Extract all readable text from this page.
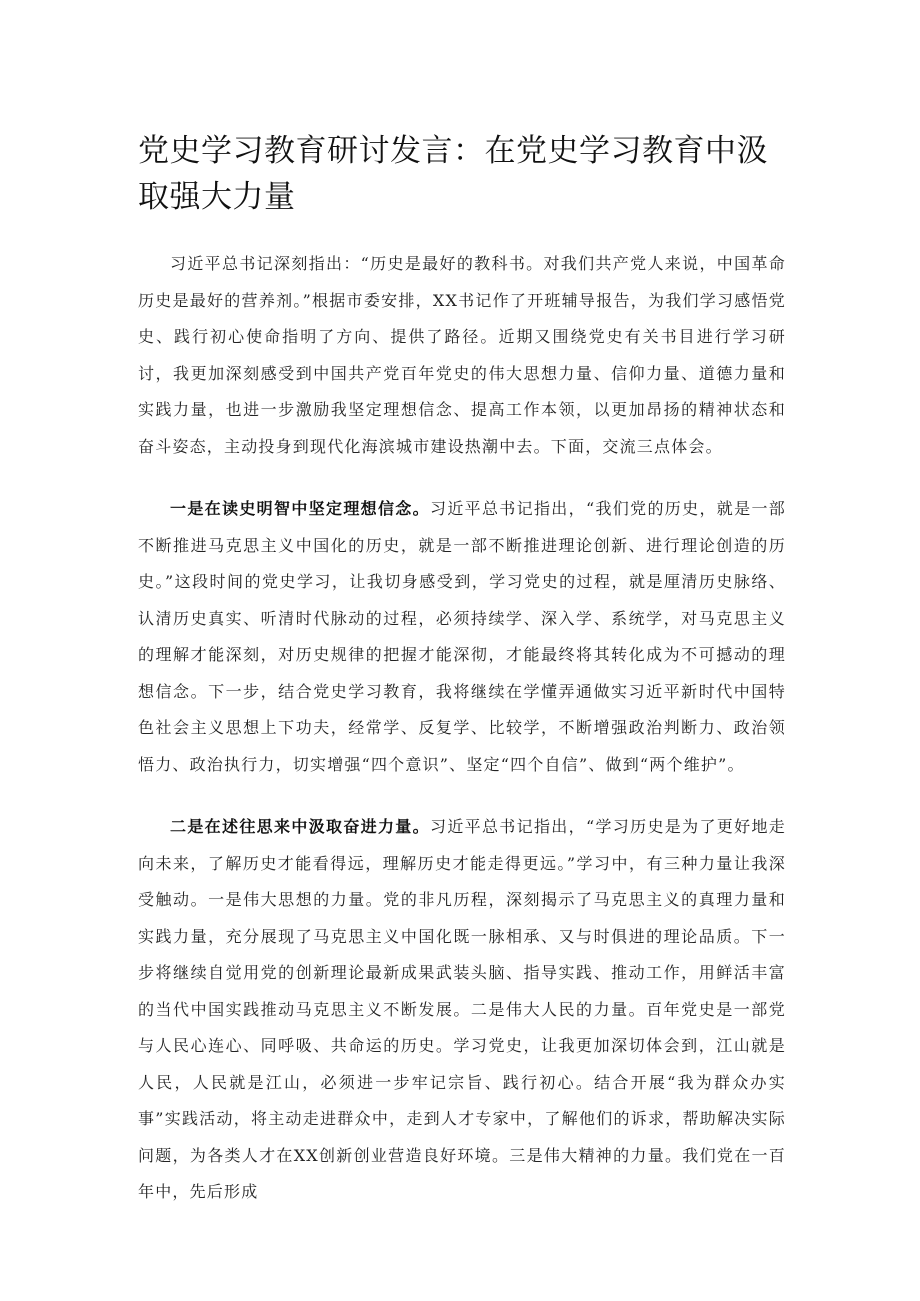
党史学习教育研讨发言：在党史学习教育中汲取强大力量

习近平总书记深刻指出：“历史是最好的教科书。对我们共产党人来说，中国革命历史是最好的营养剂。”根据市委安排，XX书记作了开班辅导报告，为我们学习感悟党史、践行初心使命指明了方向、提供了路径。近期又围绕党史有关书目进行学习研讨，我更加深刻感受到中国共产党百年党史的伟大思想力量、信仰力量、道德力量和实践力量，也进一步激励我坚定理想信念、提高工作本领，以更加昂扬的精神状态和奋斗姿态，主动投身到现代化海滨城市建设热潮中去。下面，交流三点体会。

一是在读史明智中坚定理想信念。习近平总书记指出，“我们党的历史，就是一部不断推进马克思主义中国化的历史，就是一部不断推进理论创新、进行理论创造的历史。”这段时间的党史学习，让我切身感受到，学习党史的过程，就是厘清历史脉络、认清历史真实、听清时代脉动的过程，必须持续学、深入学、系统学，对马克思主义的理解才能深刻，对历史规律的把握才能深彻，才能最终将其转化成为不可撼动的理想信念。下一步，结合党史学习教育，我将继续在学懂弄通做实习近平新时代中国特色社会主义思想上下功夫，经常学、反复学、比较学，不断增强政治判断力、政治领悟力、政治执行力，切实增强“四个意识”、坚定“四个自信”、做到“两个维护”。

二是在述往思来中汲取奋进力量。习近平总书记指出，“学习历史是为了更好地走向未来，了解历史才能看得远，理解历史才能走得更远。”学习中，有三种力量让我深受触动。一是伟大思想的力量。党的非凡历程，深刻揭示了马克思主义的真理力量和实践力量，充分展现了马克思主义中国化既一脉相承、又与时俱进的理论品质。下一步将继续自觉用党的创新理论最新成果武装头脑、指导实践、推动工作，用鲜活丰富的当代中国实践推动马克思主义不断发展。二是伟大人民的力量。百年党史是一部党与人民心连心、同呼吸、共命运的历史。学习党史，让我更加深切体会到，江山就是人民，人民就是江山，必须进一步牢记宗旨、践行初心。结合开展“我为群众办实事”实践活动，将主动走进群众中，走到人才专家中，了解他们的诉求，帮助解决实际问题，为各类人才在XX创新创业营造良好环境。三是伟大精神的力量。我们党在一百年中，先后形成
